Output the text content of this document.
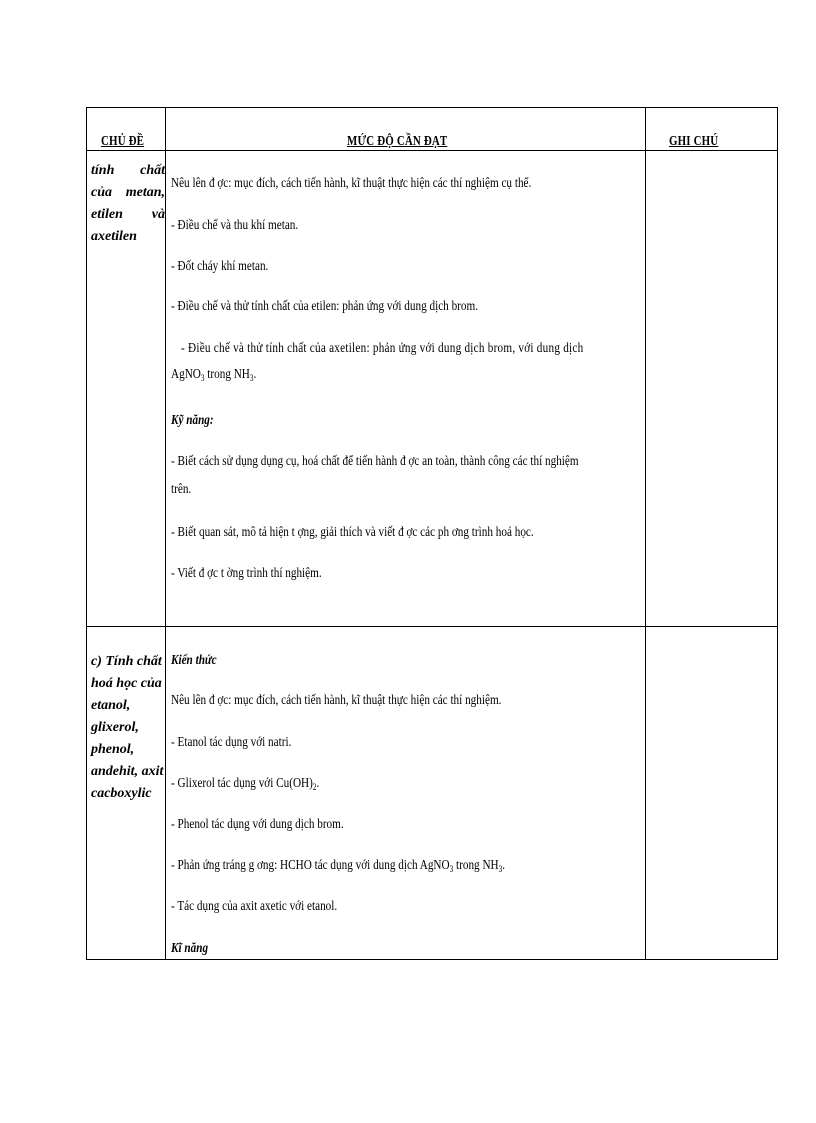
CHỦ ĐỀ	MỨC ĐỘ CẦN ĐẠT	GHI CHÚ
tính chất
của metan,
etilen và
axetilen
Nêu lên đ ợc: mục đích, cách tiến hành, kĩ thuật thực hiện các thí nghiệm cụ thể.
- Điều chế và thu khí metan.
- Đốt cháy khí metan.
- Điều chế và thử tính chất của etilen: phản ứng với dung dịch brom.
- Điều chế và thử tính chất của axetilen: phản ứng với dung dịch brom, với dung dịch
AgNO$_3$ trong $NH_3$.
Kỹ năng:
- Biết cách sử dụng dụng cụ, hoá chất để tiến hành đ ợc an toàn, thành công các thí nghiệm
trên.
- Biết quan sát, mô tả hiện t ợng, giải thích và viết đ ợc các ph ơng trình hoá học.
- Viết đ ợc t ờng trình thí nghiệm.
c) Tính chất
hoá học của
etanol,
glixerol,
phenol,
andehit, axit
cacboxylic
Kiến thức
Nêu lên đ ợc: mục đích, cách tiến hành, kĩ thuật thực hiện các thí nghiệm.
- Etanol tác dụng với natri.
- Glixerol tác dụng với $Cu(OH)_2$.
- Phenol tác dụng với dung dịch brom.
- Phản ứng tráng g ơng: HCHO tác dụng với dung dịch AgNO$_3$ trong $NH_3$.
- Tác dụng của axit axetic với etanol.
Kĩ năng
